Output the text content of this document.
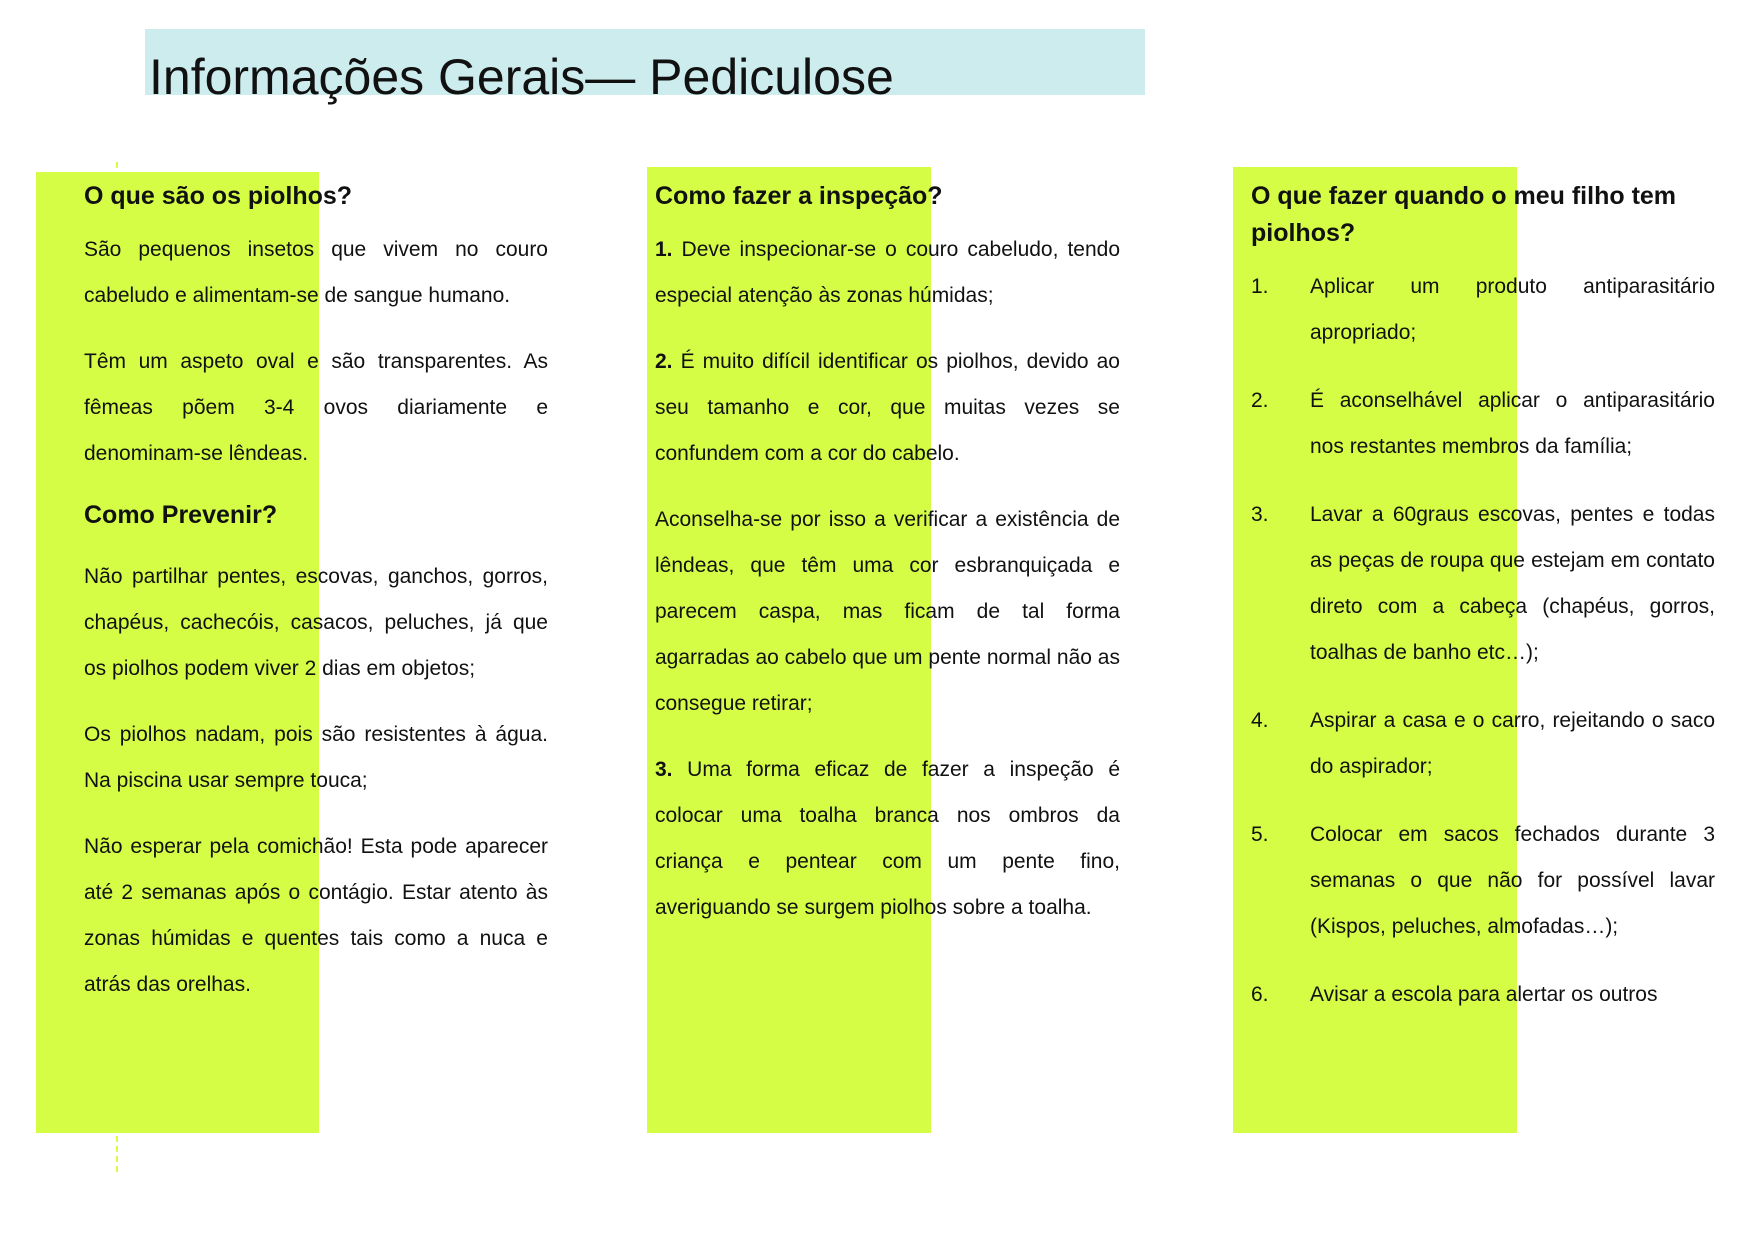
Informações Gerais— Pediculose
O que são os piolhos?

São pequenos insetos que vivem no couro cabeludo e alimentam-se de sangue humano.

Têm um aspeto oval e são transparentes. As fêmeas põem 3-4 ovos diariamente e denominam-se lêndeas.

Como Prevenir?

Não partilhar pentes, escovas, ganchos, gorros, chapéus, cachecóis, casacos, peluches, já que os piolhos podem viver 2 dias em objetos;

Os piolhos nadam, pois são resistentes à água. Na piscina usar sempre touca;

Não esperar pela comichão! Esta pode aparecer até 2 semanas após o contágio. Estar atento às zonas húmidas e quentes tais como a nuca e atrás das orelhas.

Como fazer a inspeção?

1. Deve inspecionar-se o couro cabeludo, tendo especial atenção às zonas húmidas;

2. É muito difícil identificar os piolhos, devido ao seu tamanho e cor, que muitas vezes se confundem com a cor do cabelo.

Aconselha-se por isso a verificar a existência de lêndeas, que têm uma cor esbranquiçada e parecem caspa, mas ficam de tal forma agarradas ao cabelo que um pente normal não as consegue retirar;

3. Uma forma eficaz de fazer a inspeção é colocar uma toalha branca nos ombros da criança e pentear com um pente fino, averiguando se surgem piolhos sobre a toalha.

O que fazer quando o meu filho tem piolhos?
1.	Aplicar um produto antiparasitário apropriado;
2.	É aconselhável aplicar o antiparasitário nos restantes membros da família;
3.	Lavar a 60graus escovas, pentes e todas as peças de roupa que estejam em contato direto com a cabeça (chapéus, gorros, toalhas de banho etc…);
4.	Aspirar a casa e o carro, rejeitando o saco do aspirador;
5.	Colocar em sacos fechados durante 3 semanas o que não for possível lavar (Kispos, peluches, almofadas…);
6.	Avisar a escola para alertar os outros
